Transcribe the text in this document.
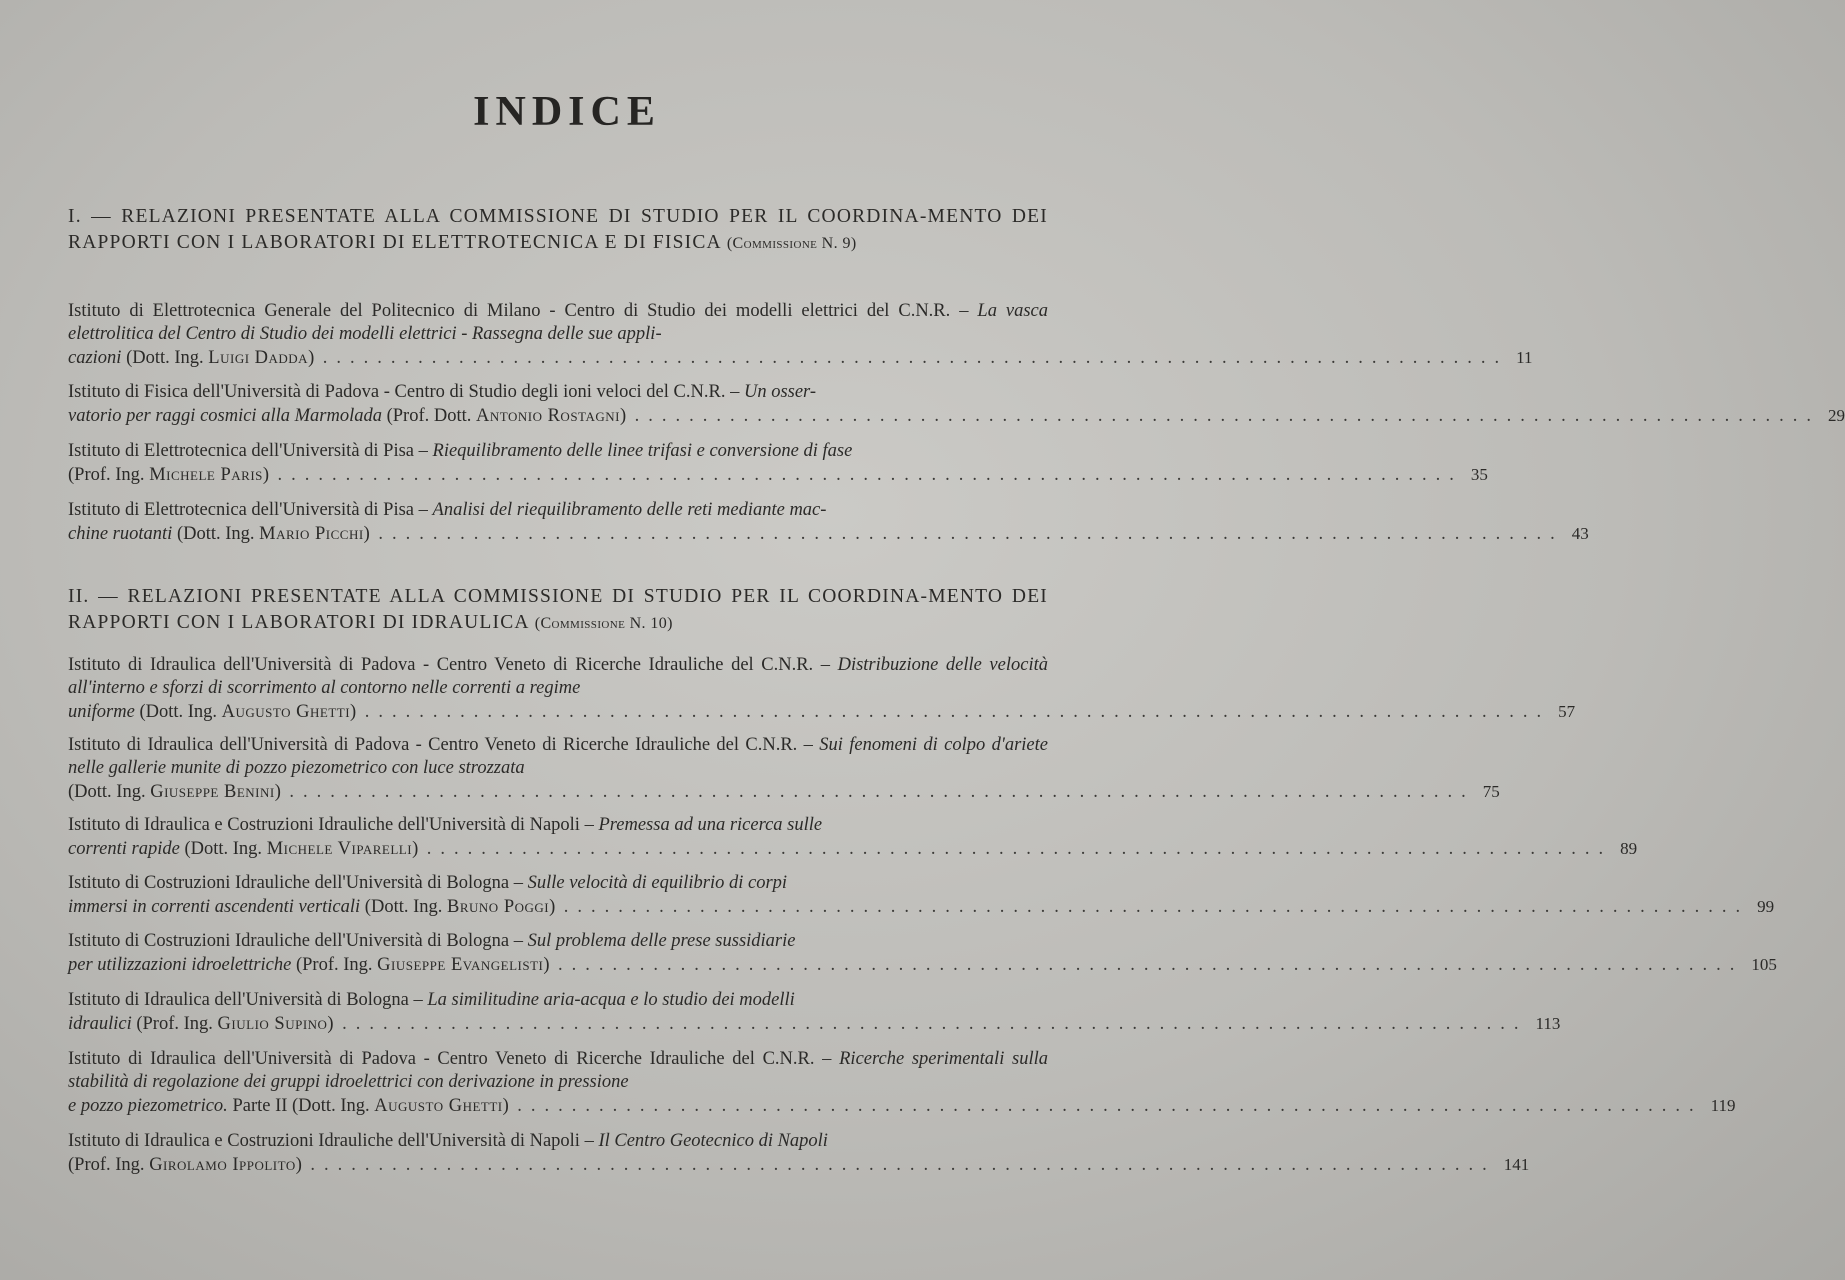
INDICE
I. — RELAZIONI PRESENTATE ALLA COMMISSIONE DI STUDIO PER IL COORDINA-MENTO DEI RAPPORTI CON I LABORATORI DI ELETTROTECNICA E DI FISICA (Commissione N. 9)
Istituto di Elettrotecnica Generale del Politecnico di Milano - Centro di Studio dei modelli elettrici del C.N.R. – La vasca elettrolitica del Centro di Studio dei modelli elettrici - Rassegna delle sue appli-
cazioni (Dott. Ing. Luigi Dadda) ....................................................................................... 11
Istituto di Fisica dell'Università di Padova - Centro di Studio degli ioni veloci del C.N.R. – Un osser-
vatorio per raggi cosmici alla Marmolada (Prof. Dott. Antonio Rostagni) ....................................................................................... 29
Istituto di Elettrotecnica dell'Università di Pisa – Riequilibramento delle linee trifasi e conversione di fase
(Prof. Ing. Michele Paris) ....................................................................................... 35
Istituto di Elettrotecnica dell'Università di Pisa – Analisi del riequilibramento delle reti mediante mac-
chine ruotanti (Dott. Ing. Mario Picchi) ....................................................................................... 43
II. — RELAZIONI PRESENTATE ALLA COMMISSIONE DI STUDIO PER IL COORDINA-MENTO DEI RAPPORTI CON I LABORATORI DI IDRAULICA (Commissione N. 10)
Istituto di Idraulica dell'Università di Padova - Centro Veneto di Ricerche Idrauliche del C.N.R. – Distribuzione delle velocità all'interno e sforzi di scorrimento al contorno nelle correnti a regime
uniforme (Dott. Ing. Augusto Ghetti) ....................................................................................... 57
Istituto di Idraulica dell'Università di Padova - Centro Veneto di Ricerche Idrauliche del C.N.R. – Sui fenomeni di colpo d'ariete nelle gallerie munite di pozzo piezometrico con luce strozzata
(Dott. Ing. Giuseppe Benini) ....................................................................................... 75
Istituto di Idraulica e Costruzioni Idrauliche dell'Università di Napoli – Premessa ad una ricerca sulle
correnti rapide (Dott. Ing. Michele Viparelli) ....................................................................................... 89
Istituto di Costruzioni Idrauliche dell'Università di Bologna – Sulle velocità di equilibrio di corpi
immersi in correnti ascendenti verticali (Dott. Ing. Bruno Poggi) ....................................................................................... 99
Istituto di Costruzioni Idrauliche dell'Università di Bologna – Sul problema delle prese sussidiarie
per utilizzazioni idroelettriche (Prof. Ing. Giuseppe Evangelisti) ....................................................................................... 105
Istituto di Idraulica dell'Università di Bologna – La similitudine aria-acqua e lo studio dei modelli
idraulici (Prof. Ing. Giulio Supino) ....................................................................................... 113
Istituto di Idraulica dell'Università di Padova - Centro Veneto di Ricerche Idrauliche del C.N.R. – Ricerche sperimentali sulla stabilità di regolazione dei gruppi idroelettrici con derivazione in pressione
e pozzo piezometrico. Parte II (Dott. Ing. Augusto Ghetti) ....................................................................................... 119
Istituto di Idraulica e Costruzioni Idrauliche dell'Università di Napoli – Il Centro Geotecnico di Napoli
(Prof. Ing. Girolamo Ippolito) ....................................................................................... 141
